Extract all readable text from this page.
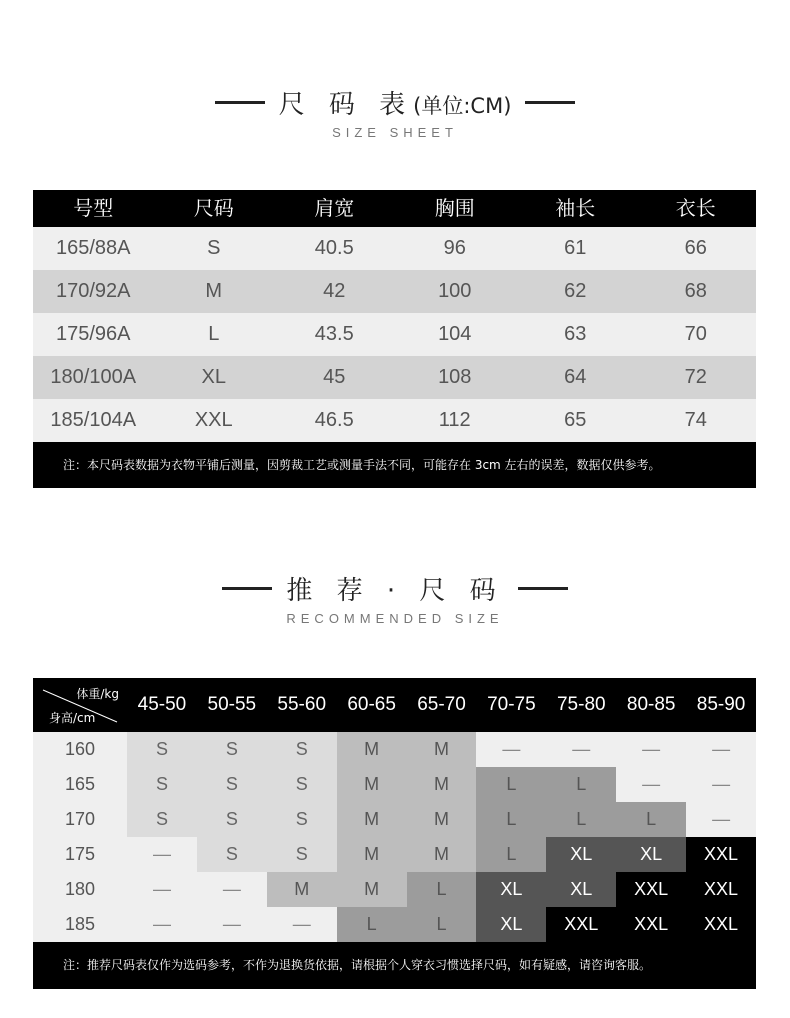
尺 码 表(单位:CM)
SIZE SHEET
号型	尺码	肩宽	胸围	袖长	衣长
165/88A	S	40.5	96	61	66
170/92A	M	42	100	62	68
175/96A	L	43.5	104	63	70
180/100A	XL	45	108	64	72
185/104A	XXL	46.5	112	65	74
注：本尺码表数据为衣物平铺后测量，因剪裁工艺或测量手法不同，可能存在 3cm 左右的误差，数据仅供参考。
推 荐 · 尺 码
RECOMMENDED SIZE
体重/kg
身高/cm
45-50	50-55	55-60	60-65	65-70	70-75	75-80	80-85	85-90
160	S	S	S	M	M	—	—	—	—
165	S	S	S	M	M	L	L	—	—
170	S	S	S	M	M	L	L	L	—
175	—	S	S	M	M	L	XL	XL	XXL
180	—	—	M	M	L	XL	XL	XXL	XXL
185	—	—	—	L	L	XL	XXL	XXL	XXL
注：推荐尺码表仅作为选码参考，不作为退换货依据，请根据个人穿衣习惯选择尺码，如有疑感，请咨询客服。
